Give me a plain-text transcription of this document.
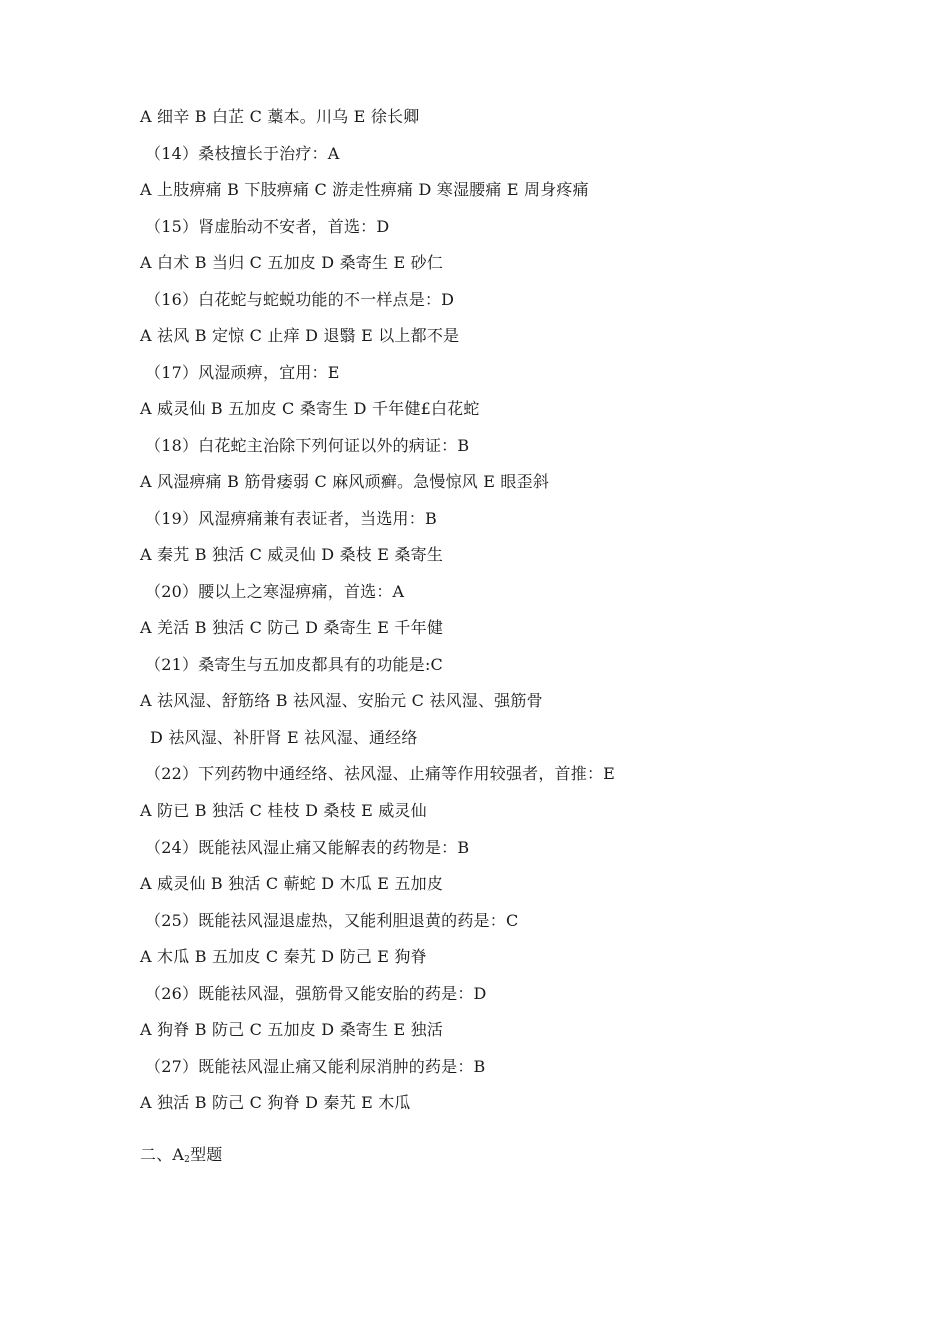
A 细辛 B 白芷 C 藁本。川乌 E 徐长卿
（14）桑枝擅长于治疗：A
A 上肢痹痛 B 下肢痹痛 C 游走性痹痛 D 寒湿腰痛 E 周身疼痛
（15）肾虚胎动不安者，首选：D
A 白术 B 当归 C 五加皮 D 桑寄生 E 砂仁
（16）白花蛇与蛇蜕功能的不一样点是：D
A 祛风 B 定惊 C 止痒 D 退翳 E 以上都不是
（17）风湿顽痹，宜用：E
A 威灵仙 B 五加皮 C 桑寄生 D 千年健£白花蛇
（18）白花蛇主治除下列何证以外的病证：B
A 风湿痹痛 B 筋骨痿弱 C 麻风顽癣。急慢惊风 E 眼歪斜
（19）风湿痹痛兼有表证者，当选用：B
A 秦艽 B 独活 C 威灵仙 D 桑枝 E 桑寄生
（20）腰以上之寒湿痹痛，首选：A
A 羌活 B 独活 C 防己 D 桑寄生 E 千年健
（21）桑寄生与五加皮都具有的功能是:C
A 祛风湿、舒筋络 B 祛风湿、安胎元 C 祛风湿、强筋骨
D 祛风湿、补肝肾 E 祛风湿、通经络
（22）下列药物中通经络、祛风湿、止痛等作用较强者，首推：E
A 防已 B 独活 C 桂枝 D 桑枝 E 威灵仙
（24）既能祛风湿止痛又能解表的药物是：B
A 威灵仙 B 独活 C 蕲蛇 D 木瓜 E 五加皮
（25）既能祛风湿退虚热，又能利胆退黄的药是：C
A 木瓜 B 五加皮 C 秦艽 D 防己 E 狗脊
（26）既能祛风湿，强筋骨又能安胎的药是：D
A 狗脊 B 防己 C 五加皮 D 桑寄生 E 独活
（27）既能祛风湿止痛又能利尿消肿的药是：B
A 独活 B 防己 C 狗脊 D 秦艽 E 木瓜
二、$A_2$型题
